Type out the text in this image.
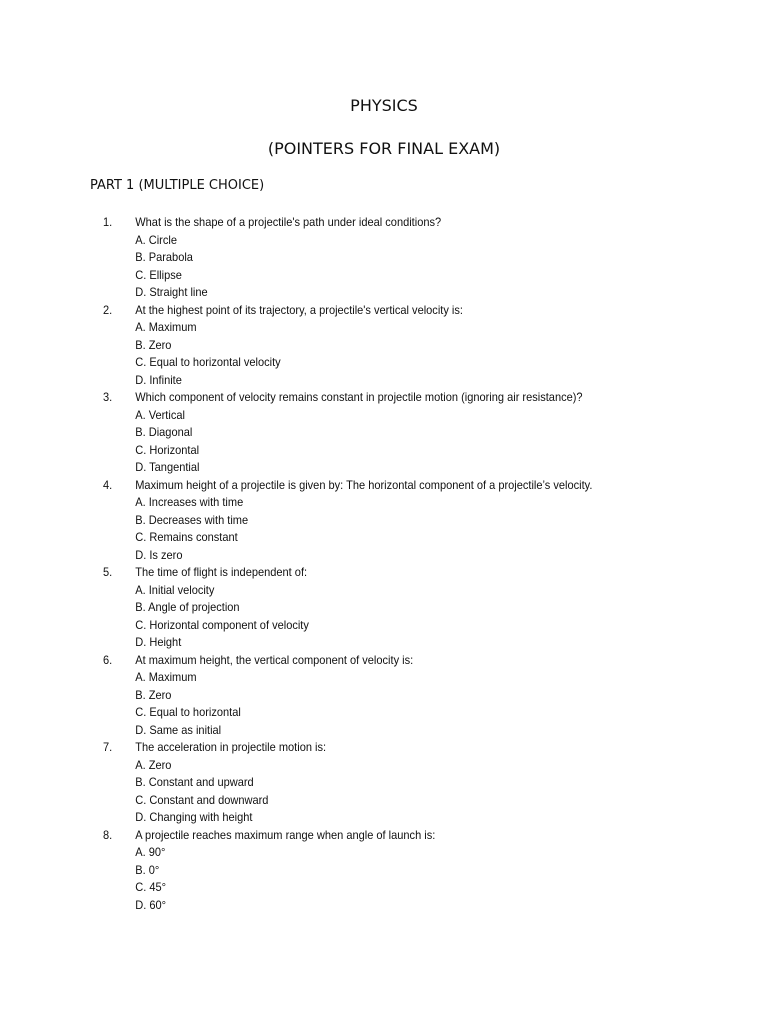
PHYSICS
(POINTERS FOR FINAL EXAM)
PART 1 (MULTIPLE CHOICE)
1.	What is the shape of a projectile's path under ideal conditions?
A. Circle
B. Parabola
C. Ellipse
D. Straight line
2.	At the highest point of its trajectory, a projectile's vertical velocity is:
A. Maximum
B. Zero
C. Equal to horizontal velocity
D. Infinite
3.	Which component of velocity remains constant in projectile motion (ignoring air resistance)?
A. Vertical
B. Diagonal
C. Horizontal
D. Tangential
4.	Maximum height of a projectile is given by: The horizontal component of a projectile’s velocity.
A. Increases with time
B. Decreases with time
C. Remains constant
D. Is zero
5.	The time of flight is independent of:
A. Initial velocity
B. Angle of projection
C. Horizontal component of velocity
D. Height
6.	At maximum height, the vertical component of velocity is:
A. Maximum
B. Zero
C. Equal to horizontal
D. Same as initial
7.	The acceleration in projectile motion is:
A. Zero
B. Constant and upward
C. Constant and downward
D. Changing with height
8.	A projectile reaches maximum range when angle of launch is:
A. 90°
B. 0°
C. 45°
D. 60°
